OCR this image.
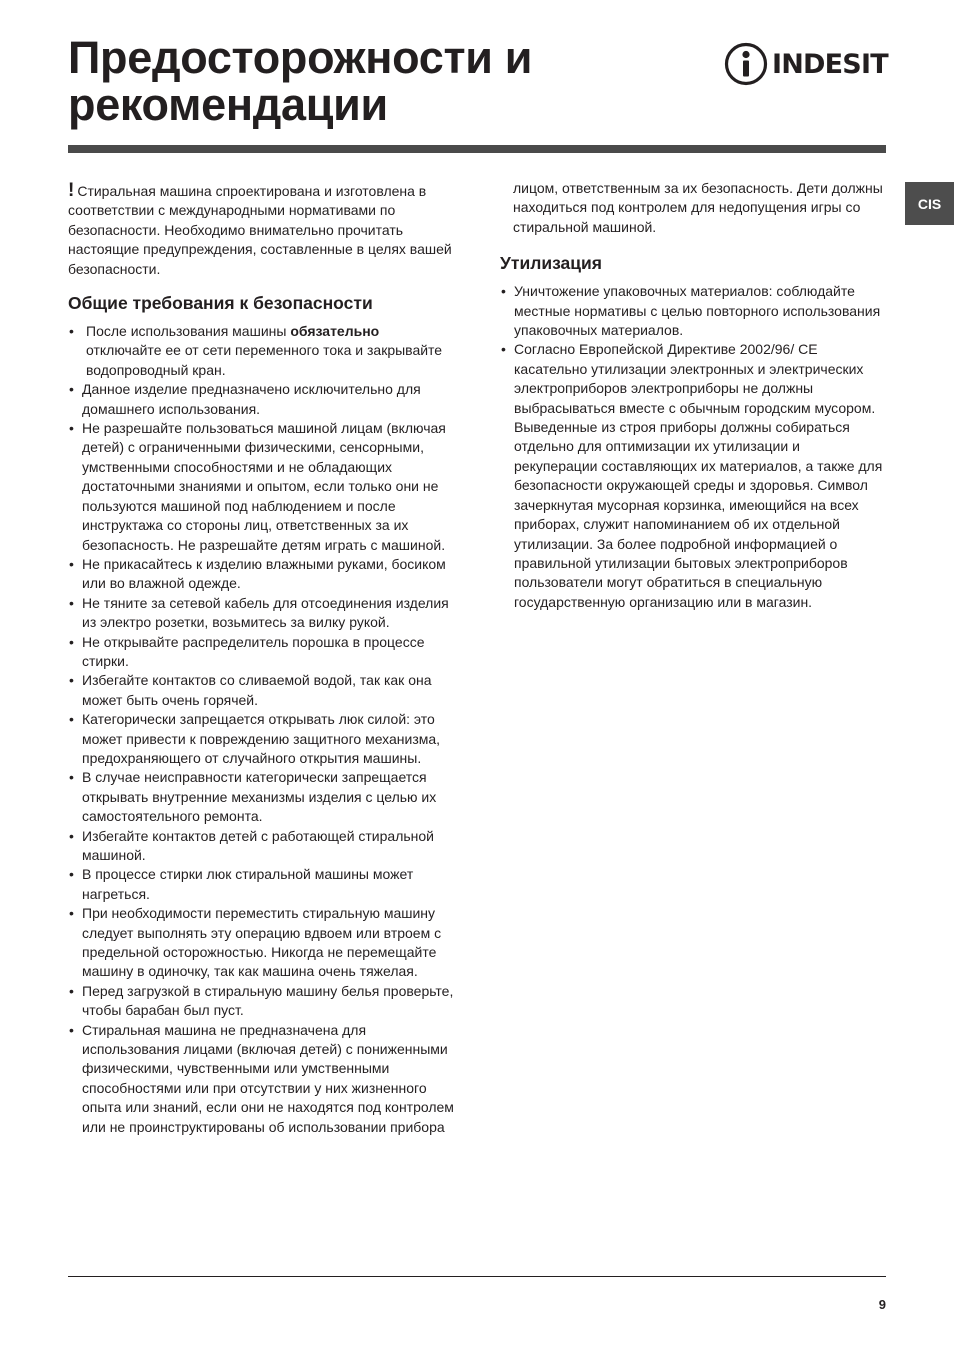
Предосторожности и
рекомендации
INDESIT
CIS

! Стиральная машина спроектирована и изготовлена в соответствии с международными нормативами по безопасности. Необходимо внимательно прочитать настоящие предупреждения, составленные в целях вашей безопасности.

Общие требования к безопасности
• После использования машины обязательно
отключайте ее от сети переменного тока и закрывайте водопроводный кран.
• Данное изделие предназначено исключительно для домашнего использования.
• Не разрешайте пользоваться машиной лицам (включая детей) с ограниченными физическими, сенсорными, умственными способностями и не обладающих достаточными знаниями и опытом, если только они не пользуются машиной под наблюдением и после инструктажа со стороны лиц, ответственных за их безопасность. Не разрешайте детям играть с машиной.
• Не прикасайтесь к изделию влажными руками, босиком или во влажной одежде.
• Не тяните за сетевой кабель для отсоединения изделия из электро розетки, возьмитесь за вилку рукой.
• Не открывайте распределитель порошка в процессе стирки.
• Избегайте контактов со сливаемой водой, так как она может быть очень горячей.
• Категорически запрещается открывать люк силой: это может привести к повреждению защитного механизма, предохраняющего от случайного открытия машины.
• В случае неисправности категорически запрещается открывать внутренние механизмы изделия с целью их самостоятельного ремонта.
• Избегайте контактов детей с работающей стиральной машиной.
• В процессе стирки люк стиральной машины может нагреться.
• При необходимости переместить стиральную машину следует выполнять эту операцию вдвоем или втроем с предельной осторожностью. Никогда не перемещайте машину в одиночку, так как машина очень тяжелая.
• Перед загрузкой в стиральную машину белья проверьте, чтобы барабан был пуст.
• Стиральная машина не предназначена для использования лицами (включая детей) с пониженными физическими, чувственными или умственными способностями или при отсутствии у них жизненного опыта или знаний, если они не находятся под контролем или не проинструктированы об использовании прибора

лицом, ответственным за их безопасность. Дети должны находиться под контролем для недопущения игры со стиральной машиной.

Утилизация
• Уничтожение упаковочных материалов: соблюдайте местные нормативы с целью повторного использования упаковочных материалов.
• Согласно Европейской Директиве 2002/96/ CE касательно утилизации электронных и электрических электроприборов электроприборы не должны выбрасываться вместе с обычным городским мусором. Выведенные из строя приборы должны собираться отдельно для оптимизации их утилизации и рекуперации составляющих их материалов, а также для безопасности окружающей среды и здоровья. Символ зачеркнутая мусорная корзинка, имеющийся на всех приборах, служит напоминанием об их отдельной утилизации. За более подробной информацией о правильной утилизации бытовых электроприборов пользователи могут обратиться в специальную государственную организацию или в магазин.
9
